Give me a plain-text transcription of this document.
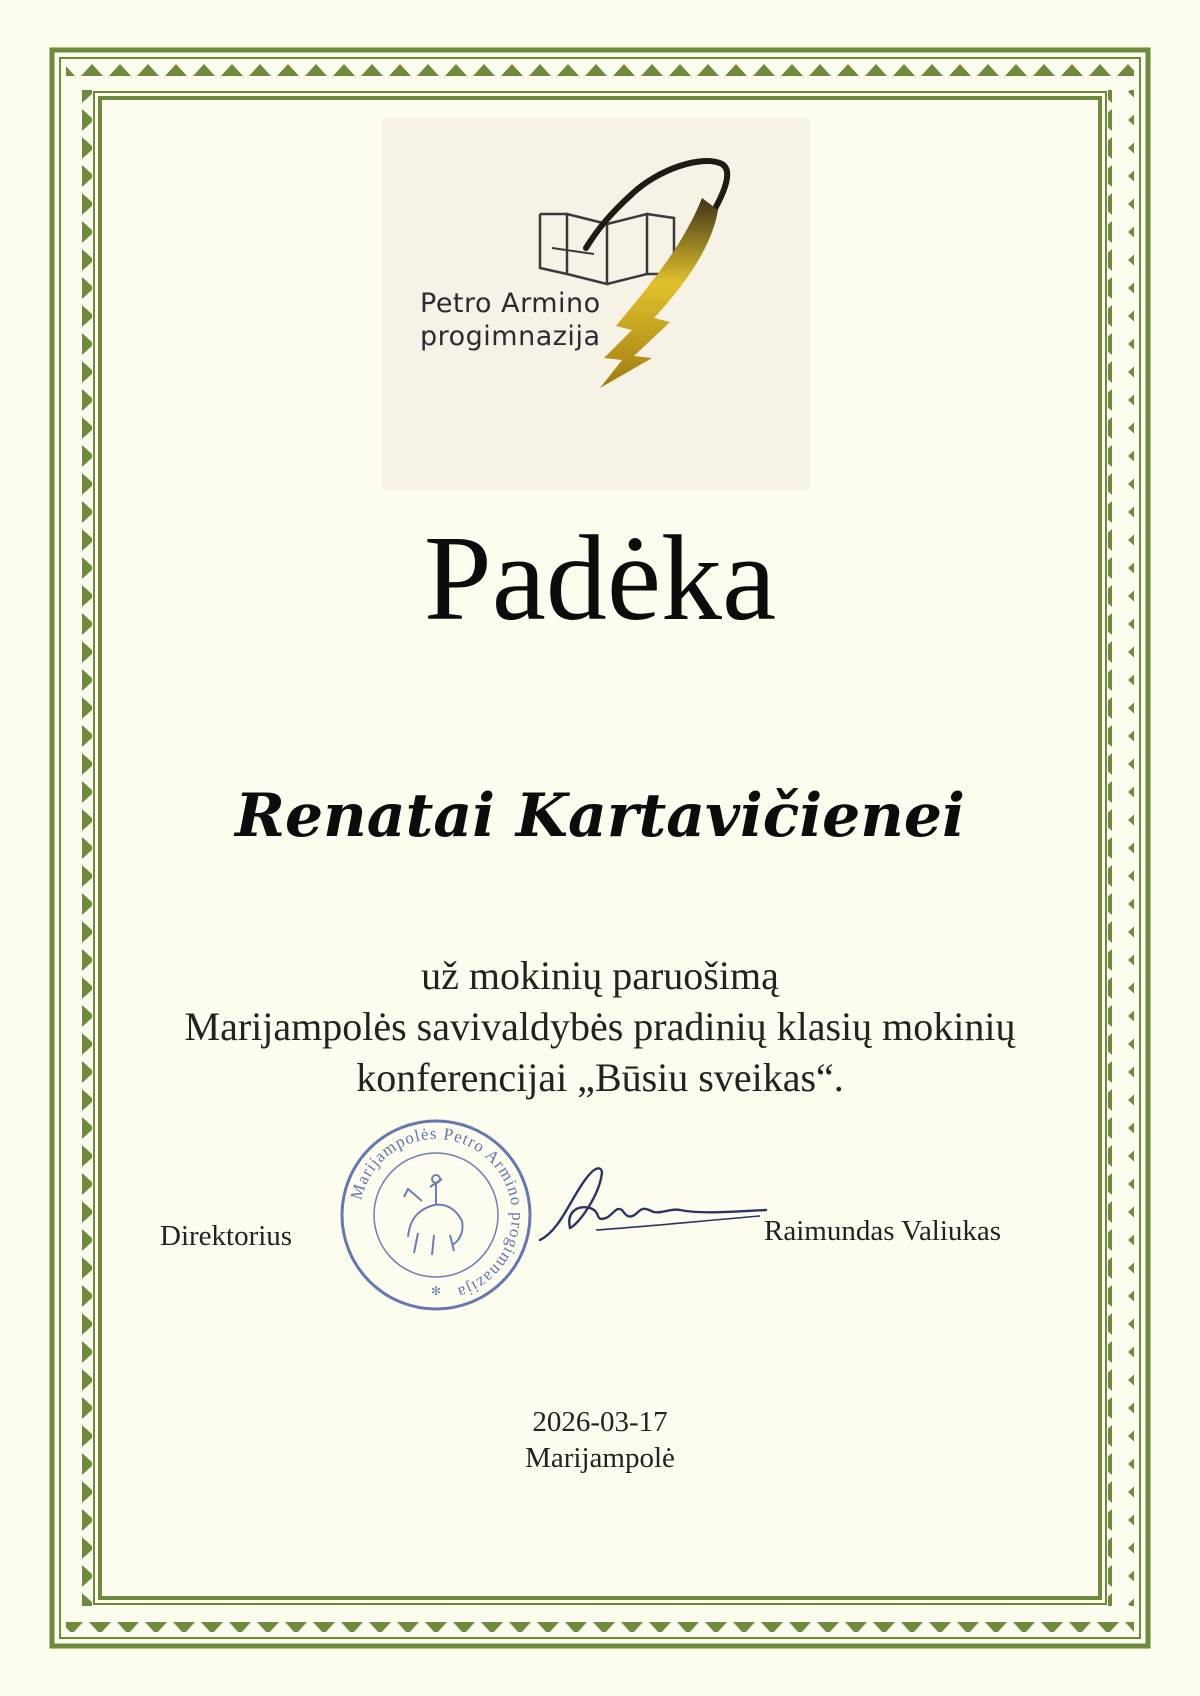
Petro Armino
progimnazija
Padėka
Renatai Kartavičienei
už mokinių paruošimą
Marijampolės savivaldybės pradinių klasių mokinių
konferencijai „Būsiu sveikas“.
Marijampolės Petro Armino progimnazija
✻
Direktorius	Raimundas Valiukas
2026-03-17
Marijampolė
